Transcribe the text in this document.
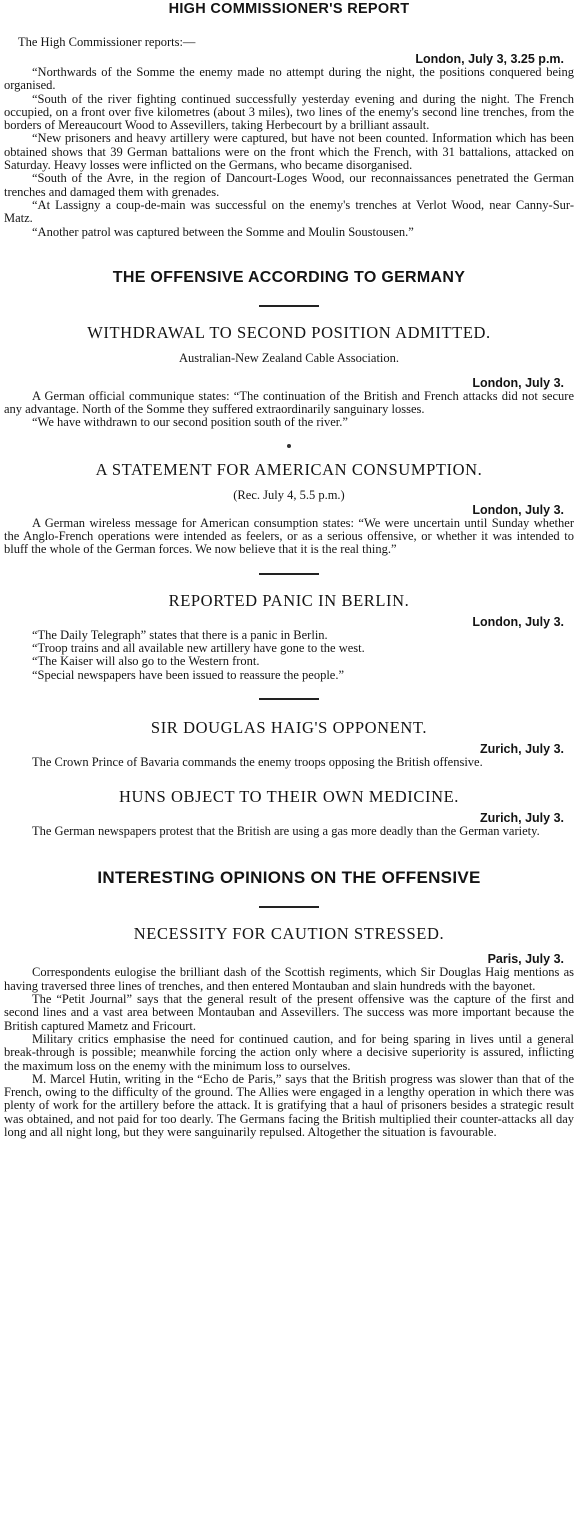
HIGH COMMISSIONER'S REPORT
The High Commissioner reports:—
London, July 3, 3.25 p.m.

“Northwards of the Somme the enemy made no attempt during the night, the positions conquered being organised.

“South of the river fighting continued successfully yesterday evening and during the night. The French occupied, on a front over five kilometres (about 3 miles), two lines of the enemy's second line trenches, from the borders of Mereaucourt Wood to Assevillers, taking Herbecourt by a brilliant assault.

“New prisoners and heavy artillery were captured, but have not been counted. Information which has been obtained shows that 39 German battalions were on the front which the French, with 31 battalions, attacked on Saturday. Heavy losses were inflicted on the Germans, who became disorganised.

“South of the Avre, in the region of Dancourt-Loges Wood, our reconnaissances penetrated the German trenches and damaged them with grenades.

“At Lassigny a coup-de-main was successful on the enemy's trenches at Verlot Wood, near Canny-Sur-Matz.

“Another patrol was captured between the Somme and Moulin Soustousen.”

THE OFFENSIVE ACCORDING TO GERMANY
WITHDRAWAL TO SECOND POSITION ADMITTED.
Australian-New Zealand Cable Association.
London, July 3.

A German official communique states: “The continuation of the British and French attacks did not secure any advantage. North of the Somme they suffered extraordinarily sanguinary losses.

“We have withdrawn to our second position south of the river.”

A STATEMENT FOR AMERICAN CONSUMPTION.
(Rec. July 4, 5.5 p.m.)
London, July 3.

A German wireless message for American consumption states: “We were uncertain until Sunday whether the Anglo-French operations were intended as feelers, or as a serious offensive, or whether it was intended to bluff the whole of the German forces. We now believe that it is the real thing.”

REPORTED PANIC IN BERLIN.
London, July 3.

“The Daily Telegraph” states that there is a panic in Berlin.

“Troop trains and all available new artillery have gone to the west.

“The Kaiser will also go to the Western front.

“Special newspapers have been issued to reassure the people.”

SIR DOUGLAS HAIG'S OPPONENT.
Zurich, July 3.

The Crown Prince of Bavaria commands the enemy troops opposing the British offensive.

HUNS OBJECT TO THEIR OWN MEDICINE.
Zurich, July 3.

The German newspapers protest that the British are using a gas more deadly than the German variety.

INTERESTING OPINIONS ON THE OFFENSIVE
NECESSITY FOR CAUTION STRESSED.
Paris, July 3.

Correspondents eulogise the brilliant dash of the Scottish regiments, which Sir Douglas Haig mentions as having traversed three lines of trenches, and then entered Montauban and slain hundreds with the bayonet.

The “Petit Journal” says that the general result of the present offensive was the capture of the first and second lines and a vast area between Montauban and Assevillers. The success was more important because the British captured Mametz and Fricourt.

Military critics emphasise the need for continued caution, and for being sparing in lives until a general break-through is possible; meanwhile forcing the action only where a decisive superiority is assured, inflicting the maximum loss on the enemy with the minimum loss to ourselves.

M. Marcel Hutin, writing in the “Echo de Paris,” says that the British progress was slower than that of the French, owing to the difficulty of the ground. The Allies were engaged in a lengthy operation in which there was plenty of work for the artillery before the attack. It is gratifying that a haul of prisoners besides a strategic result was obtained, and not paid for too dearly. The Germans facing the British multiplied their counter-attacks all day long and all night long, but they were sanguinarily repulsed. Altogether the situation is favourable.
